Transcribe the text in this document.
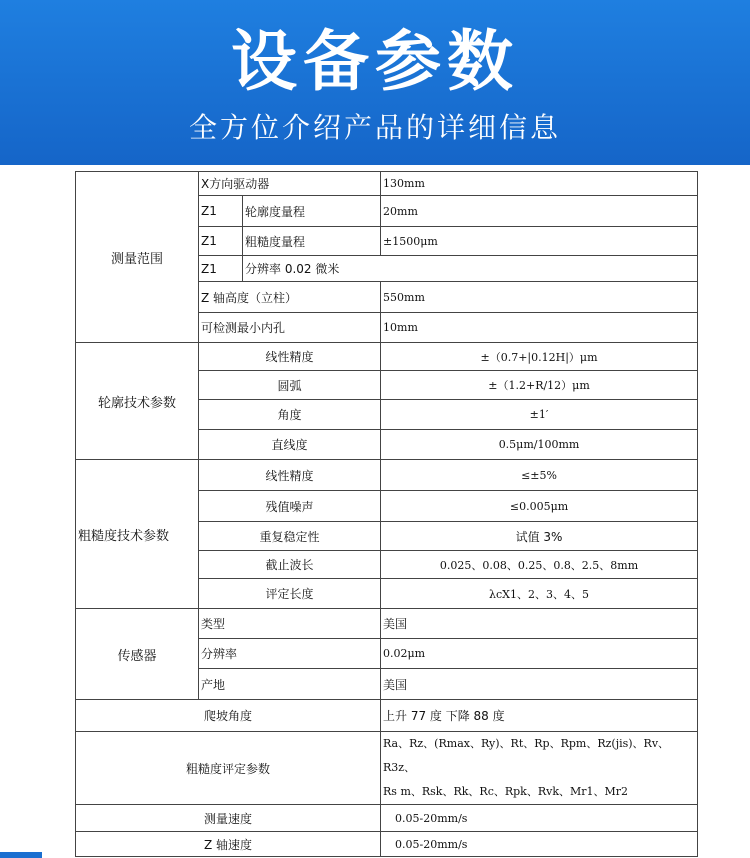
设备参数
全方位介绍产品的详细信息
测量范围	X方向驱动器		130mm
	Z1	轮廓度量程	20mm
	Z1	粗糙度量程	±1500μm
	Z1	分辨率 0.02 微米	
	Z 轴高度（立柱）		550mm
	可检测最小内孔		10mm
轮廓技术参数	线性精度		±（0.7+|0.12H|）μm
	圆弧		±（1.2+R/12）μm
	角度		±1′
	直线度		0.5μm/100mm
粗糙度技术参数	线性精度		≤±5%
	残值噪声		≤0.005μm
	重复稳定性		试值 3%
	截止波长		0.025、0.08、0.25、0.8、2.5、8mm
	评定长度		λcX1、2、3、4、5
传感器	类型		美国
	分辨率		0.02μm
	产地		美国
爬坡角度			上升 77 度 下降 88 度
粗糙度评定参数			Ra、Rz、(Rmax、Ry)、Rt、Rp、Rpm、Rz(jis)、Rv、R3z、
Rs m、Rsk、Rk、Rc、Rpk、Rvk、Mr1、Mr2

测量速度			0.05-20mm/s
Z 轴速度			0.05-20mm/s
